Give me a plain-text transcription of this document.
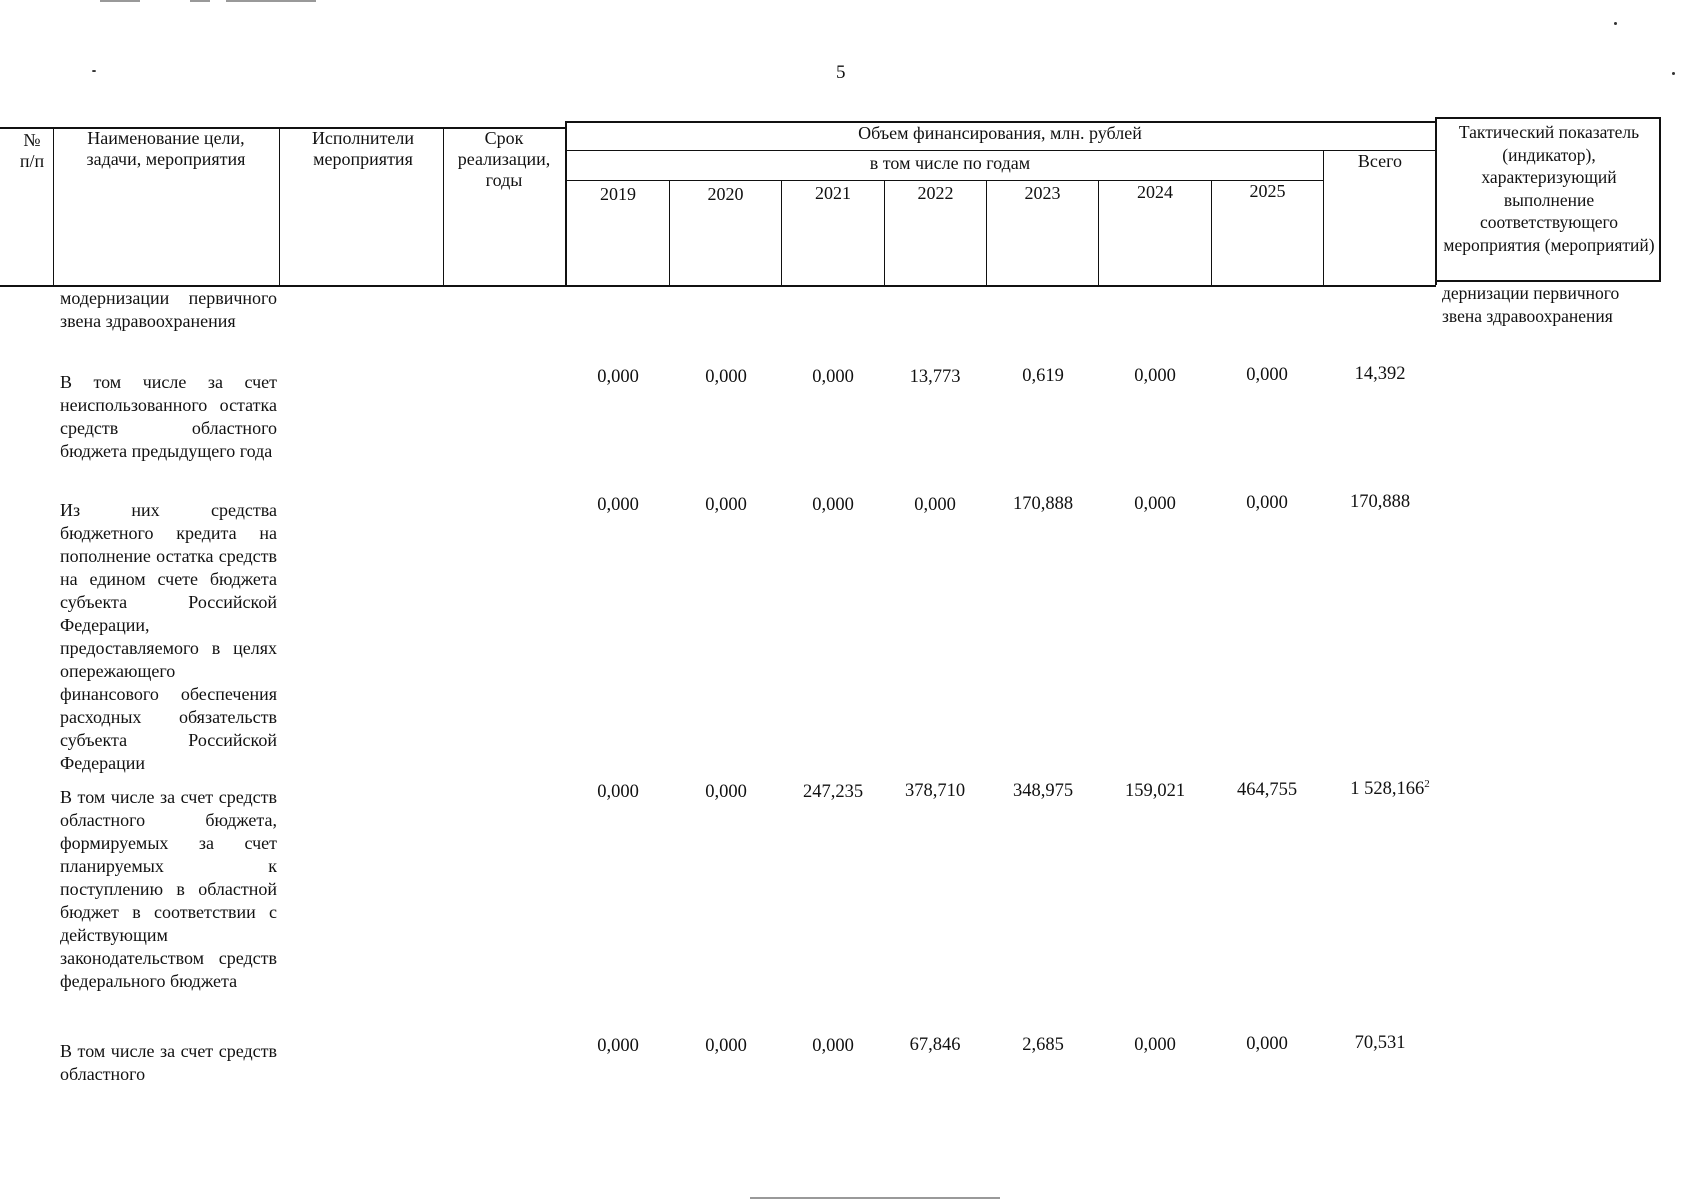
5
№ п/п
Наименование цели, задачи, мероприятия
Исполнители мероприятия
Срок реализации, годы
Объем финансирования, млн. рублей
в том числе по годам	Всего
Тактический показатель (индикатор), характеризующий выполнение соответствующего мероприятия (мероприятий)
2019	2020	2021	2022	2023	2024	2025
модернизации первичного звена здравоохранения
дернизации первичного звена здравоохранения
В том числе за счет неиспользованного остатка средств областного бюджета предыдущего года
0,000	0,000	0,000	13,773	0,619	0,000	0,000	14,392
Из них средства бюджетного кредита на пополнение остатка средств на едином счете бюджета субъекта Российской Федерации, предоставляемого в целях опережающего финансового обеспечения расходных обязательств субъекта Российской Федерации
0,000	0,000	0,000	0,000	170,888	0,000	0,000	170,888
В том числе за счет средств областного бюджета, формируемых за счет планируемых к поступлению в областной бюджет в соответствии с действующим законодательством средств федерального бюджета
0,000	0,000	247,235	378,710	348,975	159,021	464,755	1 528,166$^2$
В том числе за счет средств областного
0,000	0,000	0,000	67,846	2,685	0,000	0,000	70,531
